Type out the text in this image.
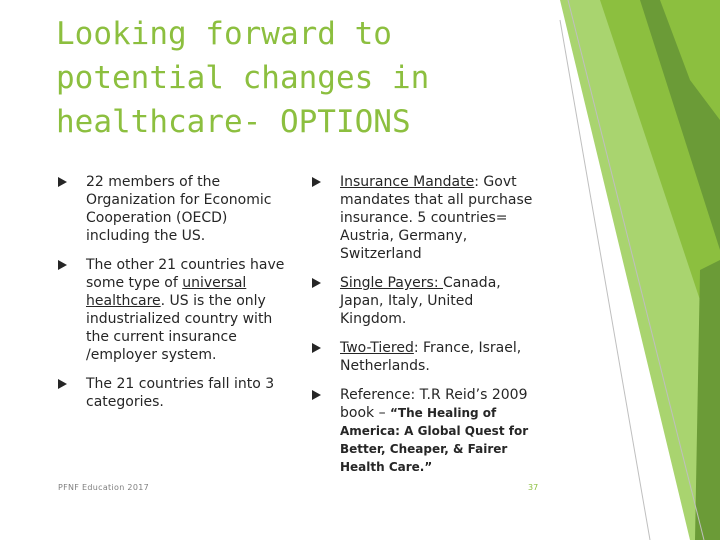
Looking forward to potential changes in healthcare- OPTIONS
22 members of the Organization for Economic Cooperation (OECD) including the US.
The other 21 countries have some type of universal healthcare. US is the only industrialized country with the current insurance /employer system.
The 21 countries fall into 3 categories.
Insurance Mandate: Govt mandates that all purchase insurance. 5 countries= Austria, Germany, Switzerland
Single Payers: Canada, Japan, Italy, United Kingdom.
Two-Tiered: France, Israel, Netherlands.
Reference: T.R Reid’s 2009 book – “The Healing of America: A Global Quest for Better, Cheaper, & Fairer Health Care.”
PFNF Education 2017	37
